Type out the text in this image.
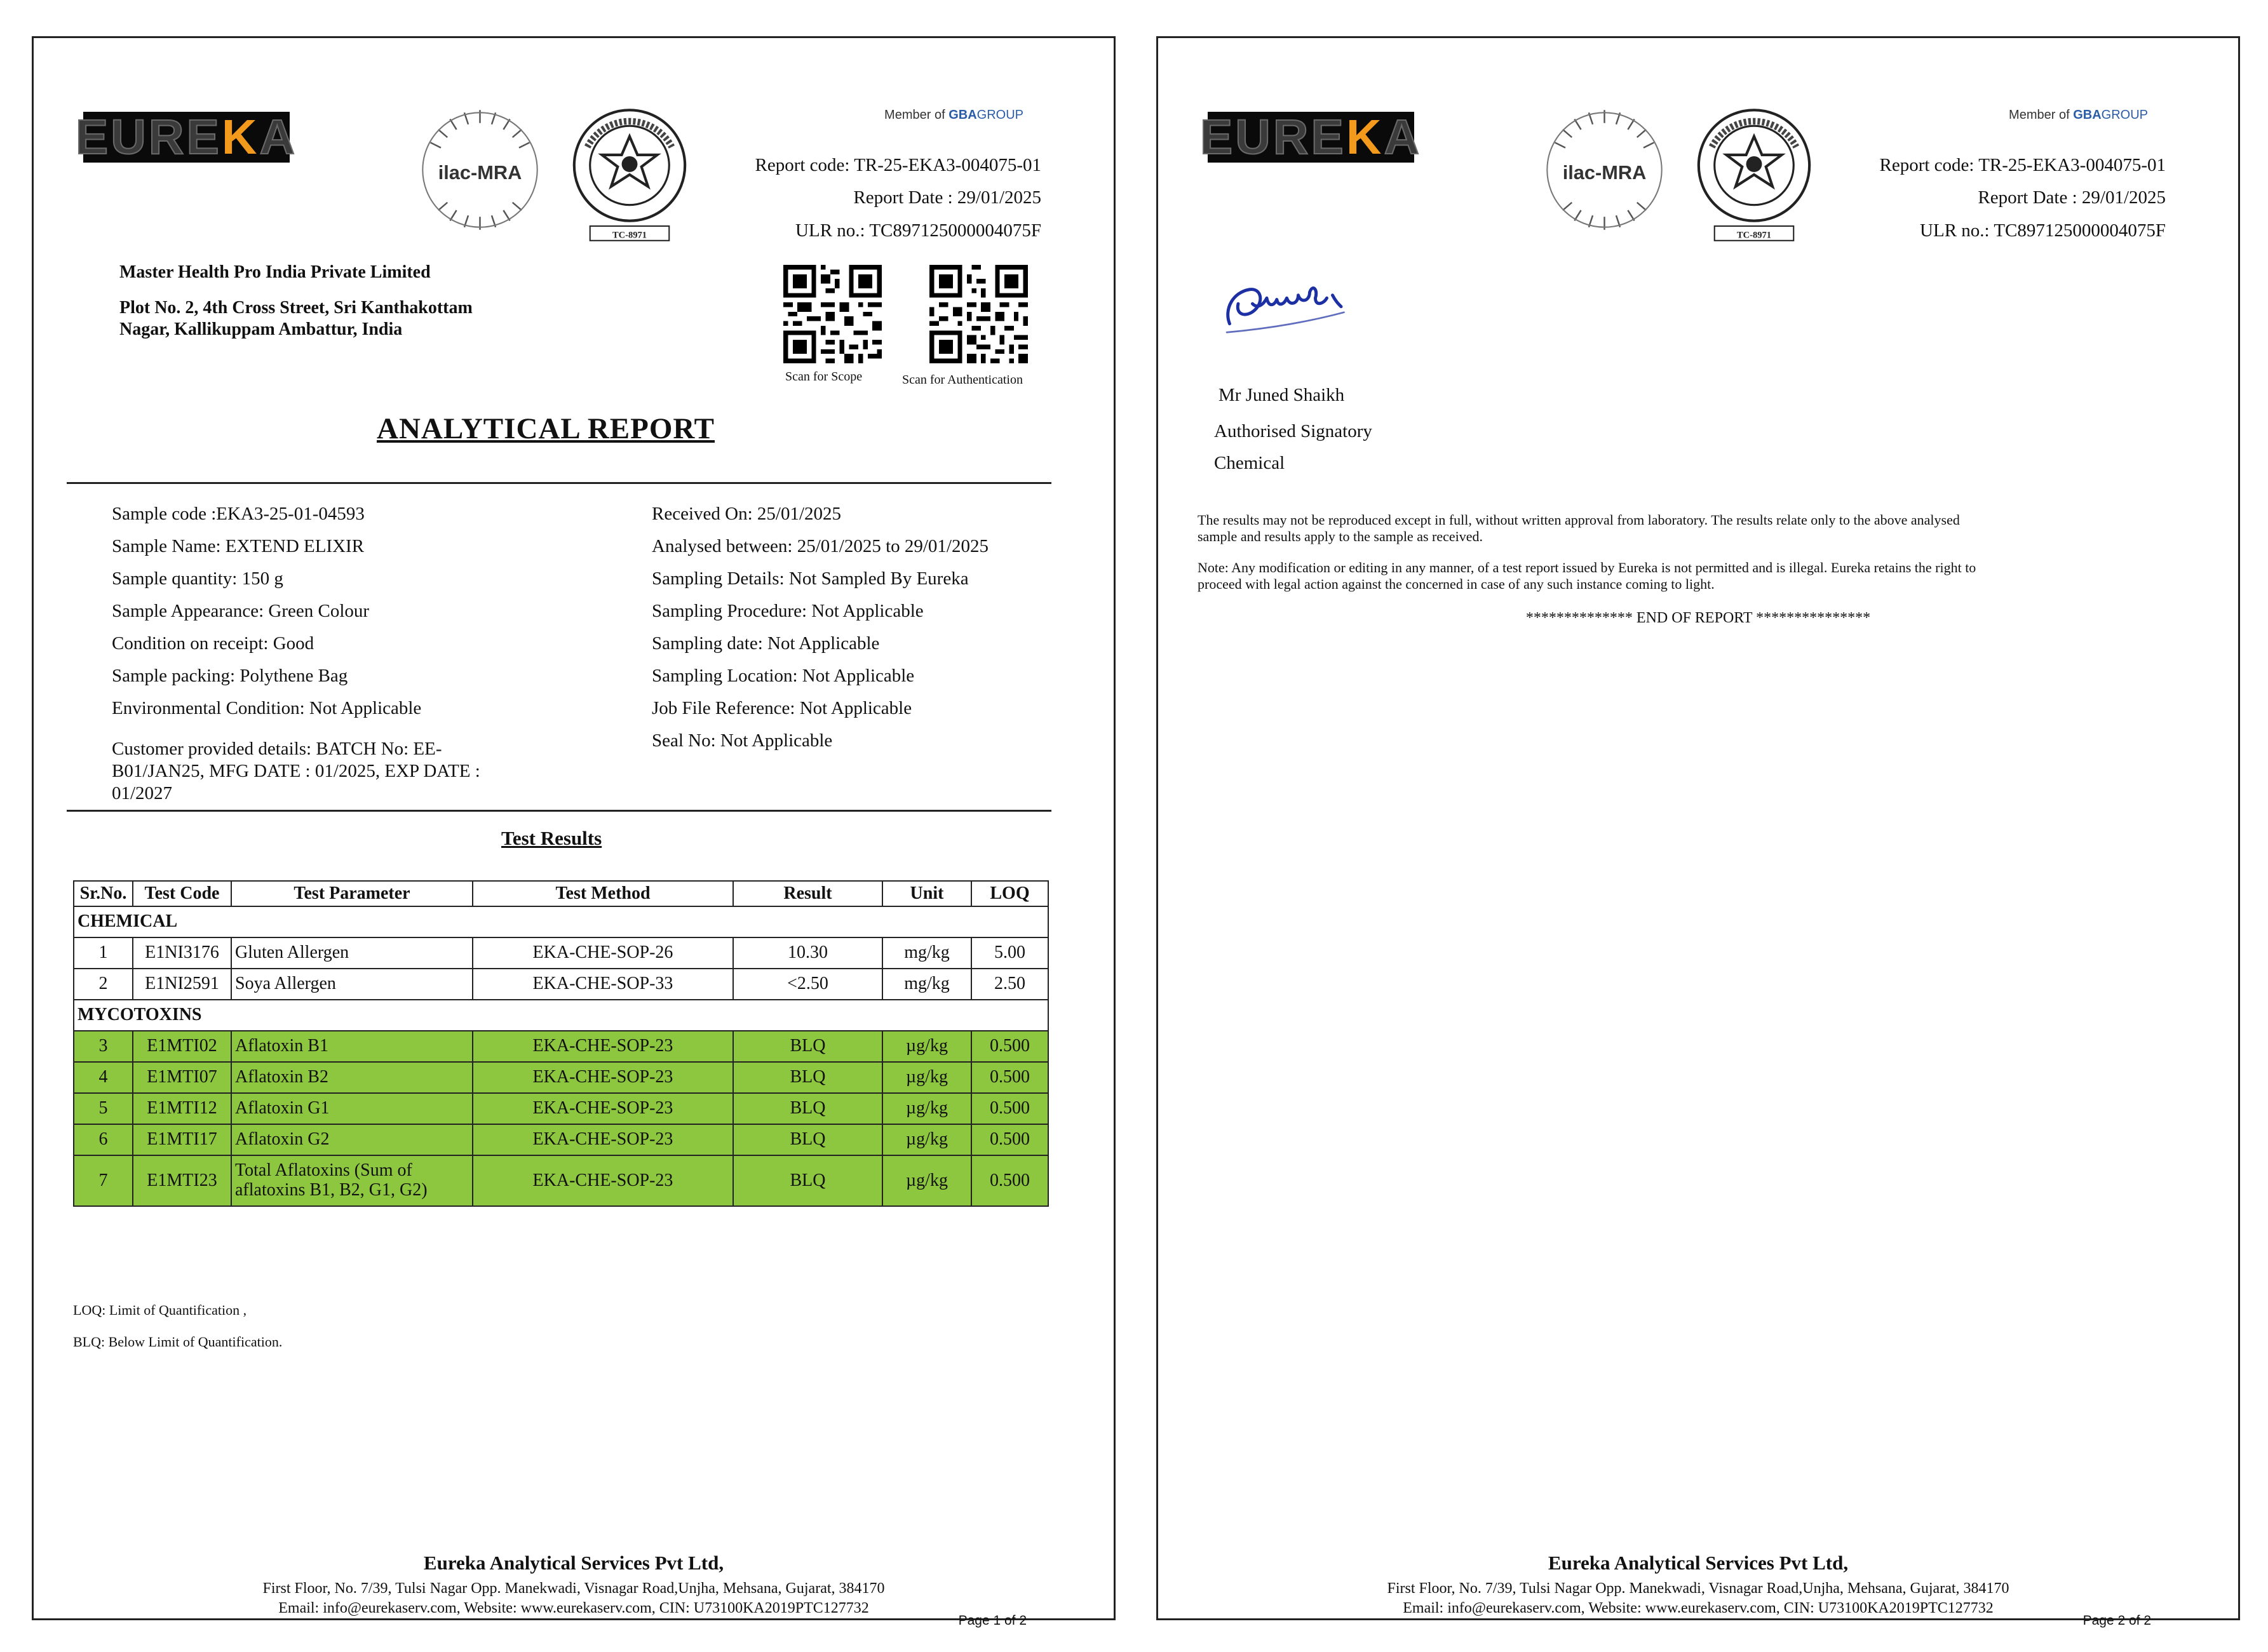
EUREKA
ilac-MRA
TC-8971
Member of GBAGROUP
Report code: TR-25-EKA3-004075-01
Report Date : 29/01/2025
ULR no.: TC897125000004075F
Master Health Pro India Private Limited
Plot No. 2, 4th Cross Street, Sri Kanthakottam
Nagar, Kallikuppam Ambattur, India
Scan for Scope	Scan for Authentication
ANALYTICAL REPORT
Sample code :EKA3-25-01-04593
Sample Name: EXTEND ELIXIR
Sample quantity: 150 g
Sample Appearance: Green Colour
Condition on receipt: Good
Sample packing: Polythene Bag
Environmental Condition: Not Applicable
Customer provided details: BATCH No: EE-
B01/JAN25, MFG DATE : 01/2025, EXP DATE :
01/2027
Received On: 25/01/2025
Analysed between: 25/01/2025 to 29/01/2025
Sampling Details: Not Sampled By Eureka
Sampling Procedure: Not Applicable
Sampling date: Not Applicable
Sampling Location: Not Applicable
Job File Reference: Not Applicable
Seal No: Not Applicable
Test Results
Sr.No.	Test Code	Test Parameter	Test Method	Result	Unit	LOQ
CHEMICAL						
1	E1NI3176	Gluten Allergen	EKA-CHE-SOP-26	10.30	mg/kg	5.00
2	E1NI2591	Soya Allergen	EKA-CHE-SOP-33	<2.50	mg/kg	2.50
MYCOTOXINS						
3	E1MTI02	Aflatoxin B1	EKA-CHE-SOP-23	BLQ	µg/kg	0.500
4	E1MTI07	Aflatoxin B2	EKA-CHE-SOP-23	BLQ	µg/kg	0.500
5	E1MTI12	Aflatoxin G1	EKA-CHE-SOP-23	BLQ	µg/kg	0.500
6	E1MTI17	Aflatoxin G2	EKA-CHE-SOP-23	BLQ	µg/kg	0.500
7	E1MTI23	Total Aflatoxins (Sum of
aflatoxins B1, B2, G1, G2)	EKA-CHE-SOP-23	BLQ	µg/kg	0.500
LOQ: Limit of Quantification ,
BLQ: Below Limit of Quantification.
Eureka Analytical Services Pvt Ltd,
First Floor, No. 7/39, Tulsi Nagar Opp. Manekwadi, Visnagar Road,Unjha, Mehsana, Gujarat, 384170
Email: info@eurekaserv.com, Website: www.eurekaserv.com, CIN: U73100KA2019PTC127732
Page 1 of 2
EUREKA
ilac-MRA
TC-8971
Member of GBAGROUP
Report code: TR-25-EKA3-004075-01
Report Date : 29/01/2025
ULR no.: TC897125000004075F
Mr Juned Shaikh
Authorised Signatory
Chemical
The results may not be reproduced except in full, without written approval from laboratory. The results relate only to the above analysed
sample and results apply to the sample as received.
Note: Any modification or editing in any manner, of a test report issued by Eureka is not permitted and is illegal. Eureka retains the right to
proceed with legal action against the concerned in case of any such instance coming to light.
************** END OF REPORT ***************
Eureka Analytical Services Pvt Ltd,
First Floor, No. 7/39, Tulsi Nagar Opp. Manekwadi, Visnagar Road,Unjha, Mehsana, Gujarat, 384170
Email: info@eurekaserv.com, Website: www.eurekaserv.com, CIN: U73100KA2019PTC127732
Page 2 of 2
